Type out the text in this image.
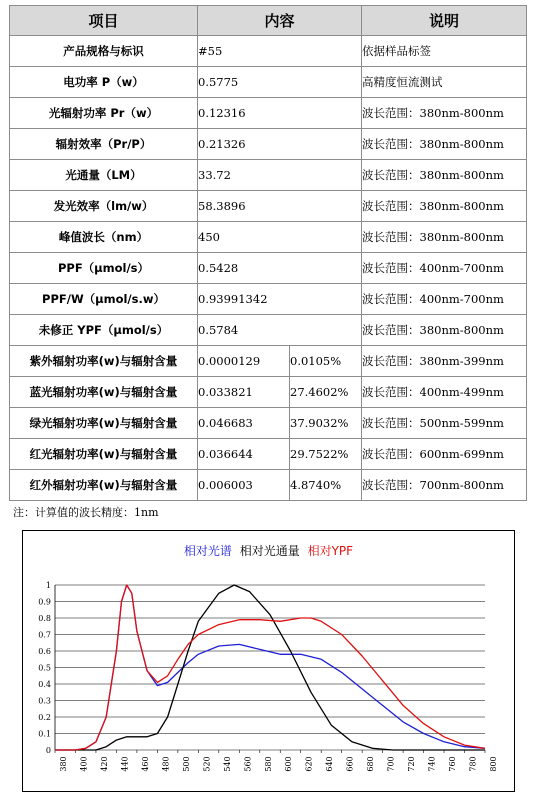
项目	内容		说明
产品规格与标识	#55		依据样品标签
电功率 P（w）	0.5775		高精度恒流测试
光辐射功率 Pr（w）	0.12316		波长范围：380nm-800nm
辐射效率（Pr/P）	0.21326		波长范围：380nm-800nm
光通量（LM）	33.72		波长范围：380nm-800nm
发光效率（lm/w）	58.3896		波长范围：380nm-800nm
峰值波长（nm）	450		波长范围：380nm-800nm
PPF（μmol/s）	0.5428		波长范围：400nm-700nm
PPF/W（μmol/s.w）	0.93991342		波长范围：400nm-700nm
未修正 YPF（μmol/s）	0.5784		波长范围：380nm-800nm
紫外辐射功率(w)与辐射含量	0.0000129	0.0105%	波长范围：380nm-399nm
蓝光辐射功率(w)与辐射含量	0.033821	27.4602%	波长范围：400nm-499nm
绿光辐射功率(w)与辐射含量	0.046683	37.9032%	波长范围：500nm-599nm
红光辐射功率(w)与辐射含量	0.036644	29.7522%	波长范围：600nm-699nm
红外辐射功率(w)与辐射含量	0.006003	4.8740%	波长范围：700nm-800nm
注：计算值的波长精度：1nm
相对光谱 相对光通量 相对YPF
0
0.1
0.2
0.3
0.4
0.5
0.6
0.7
0.8
0.9
1
380 400 420 440 460 480 500 520 540 560 580 600 620 640 660 680 700 720 740 760 780 800
